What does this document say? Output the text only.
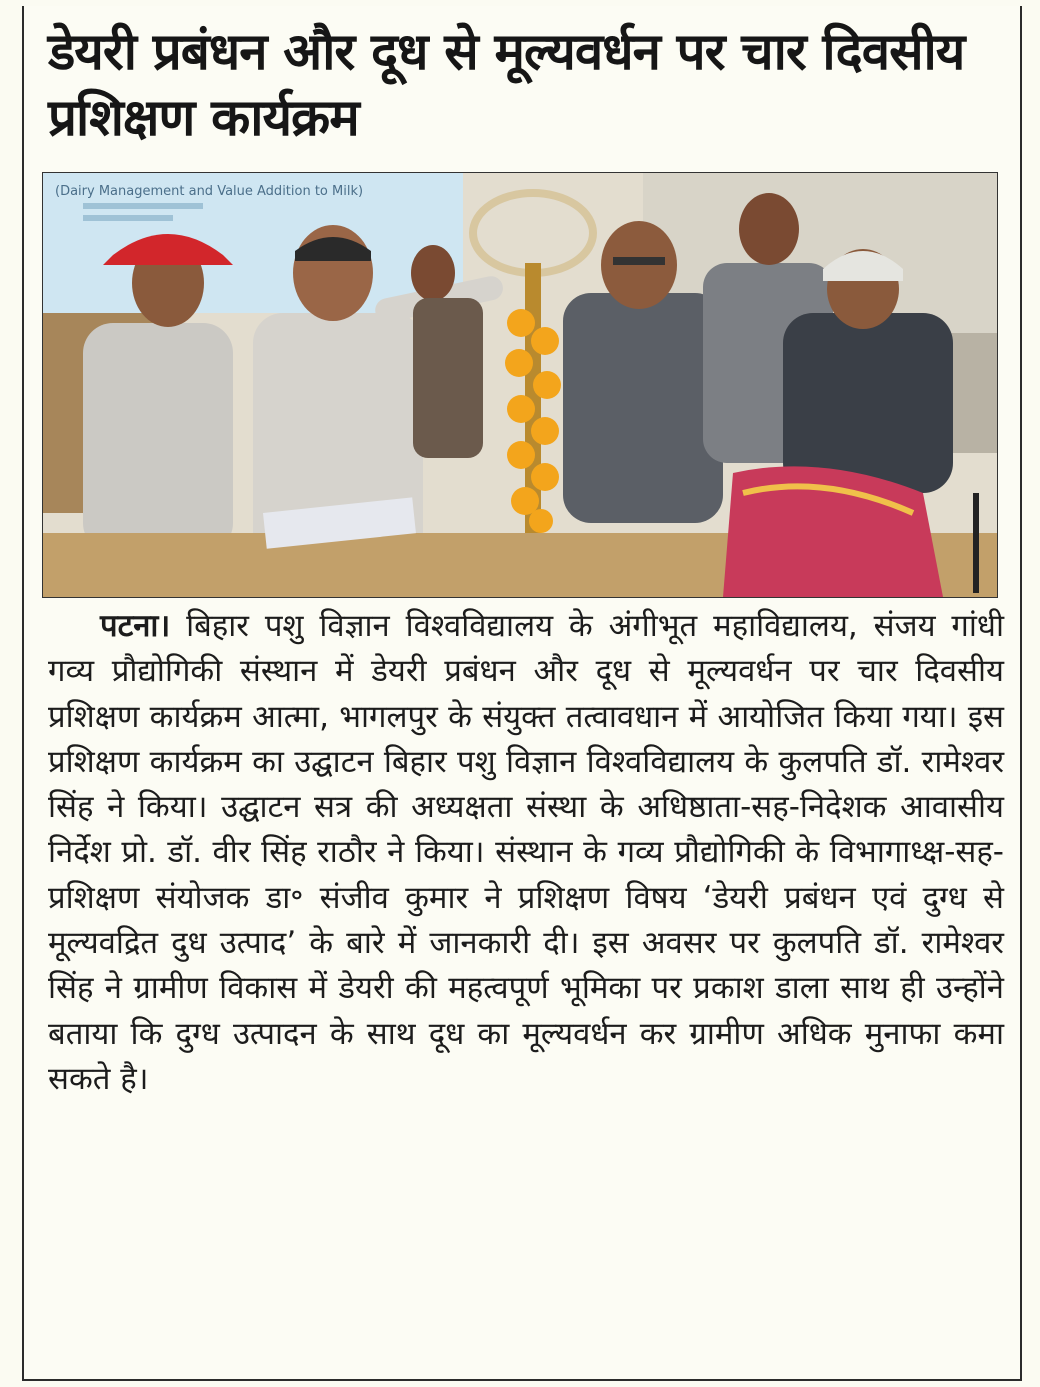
डेयरी प्रबंधन और दूध से मूल्यवर्धन पर चार दिवसीय प्रशिक्षण कार्यक्रम
(Dairy Management and Value Addition to Milk)

पटना। बिहार पशु विज्ञान विश्वविद्यालय के अंगीभूत महाविद्यालय, संजय गांधी गव्य प्रौद्योगिकी संस्थान में डेयरी प्रबंधन और दूध से मूल्यवर्धन पर चार दिवसीय प्रशिक्षण कार्यक्रम आत्मा, भागलपुर के संयुक्त तत्वावधान में आयोजित किया गया। इस प्रशिक्षण कार्यक्रम का उद्घाटन बिहार पशु विज्ञान विश्वविद्यालय के कुलपति डॉ. रामेश्वर सिंह ने किया। उद्घाटन सत्र की अध्यक्षता संस्था के अधिष्ठाता-सह-निदेशक आवासीय निर्देश प्रो. डॉ. वीर सिंह राठौर ने किया। संस्थान के गव्य प्रौद्योगिकी के विभागाध्क्ष-सह-प्रशिक्षण संयोजक डा॰ संजीव कुमार ने प्रशिक्षण विषय ‘डेयरी प्रबंधन एवं दुग्ध से मूल्यवद्रित दुध उत्पाद’ के बारे में जानकारी दी। इस अवसर पर कुलपति डॉ. रामेश्वर सिंह ने ग्रामीण विकास में डेयरी की महत्वपूर्ण भूमिका पर प्रकाश डाला साथ ही उन्होंने बताया कि दुग्ध उत्पादन के साथ दूध का मूल्यवर्धन कर ग्रामीण अधिक मुनाफा कमा सकते है।
